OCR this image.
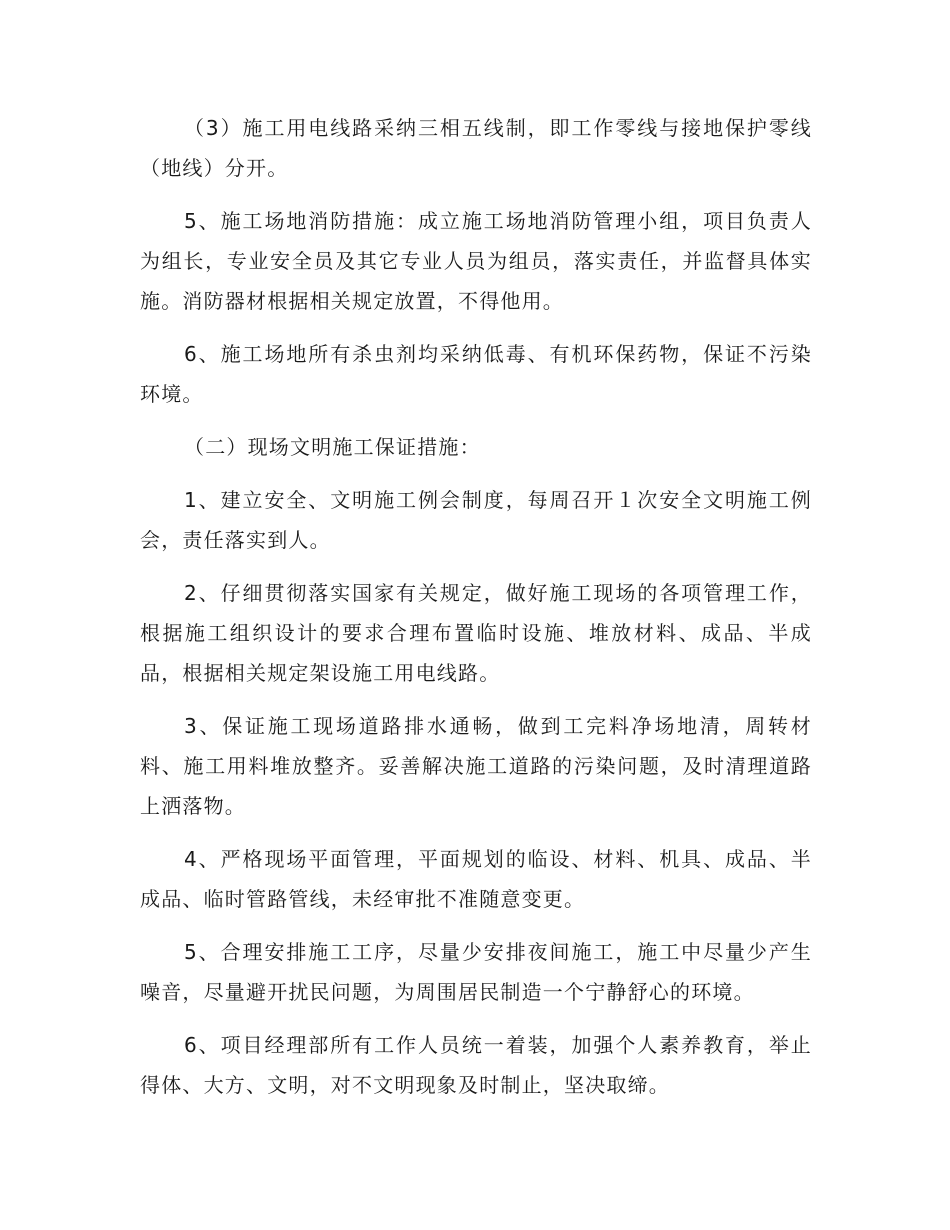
（3）施工用电线路采纳三相五线制，即工作零线与接地保护零线（地线）分开。

5、施工场地消防措施：成立施工场地消防管理小组，项目负责人为组长，专业安全员及其它专业人员为组员，落实责任，并监督具体实施。消防器材根据相关规定放置，不得他用。

6、施工场地所有杀虫剂均采纳低毒、有机环保药物，保证不污染环境。

（二）现场文明施工保证措施：

1、建立安全、文明施工例会制度，每周召开１次安全文明施工例会，责任落实到人。

2、仔细贯彻落实国家有关规定，做好施工现场的各项管理工作，根据施工组织设计的要求合理布置临时设施、堆放材料、成品、半成品，根据相关规定架设施工用电线路。

3、保证施工现场道路排水通畅，做到工完料净场地清，周转材料、施工用料堆放整齐。妥善解决施工道路的污染问题，及时清理道路上洒落物。

4、严格现场平面管理，平面规划的临设、材料、机具、成品、半成品、临时管路管线，未经审批不准随意变更。

5、合理安排施工工序，尽量少安排夜间施工，施工中尽量少产生噪音，尽量避开扰民问题，为周围居民制造一个宁静舒心的环境。

6、项目经理部所有工作人员统一着装，加强个人素养教育，举止得体、大方、文明，对不文明现象及时制止，坚决取缔。
